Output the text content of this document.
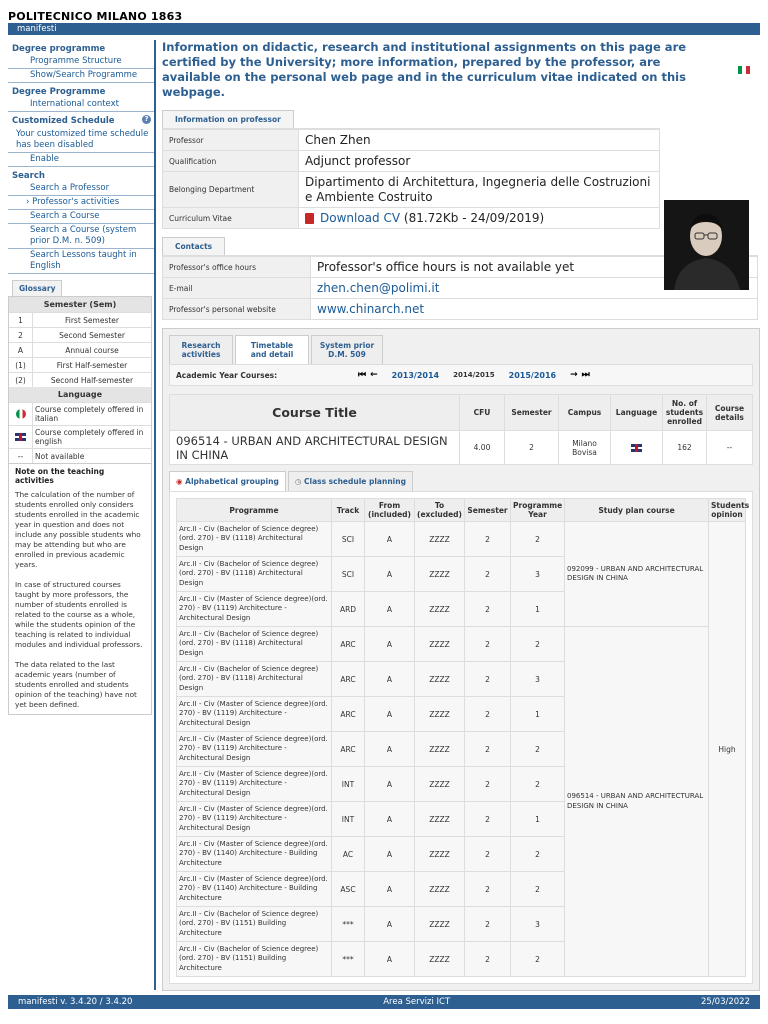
POLITECNICO MILANO 1863
manifesti
Degree programme
Programme Structure
Show/Search Programme
Degree Programme
International context
Customized Schedule	?
Your customized time schedule has been disabled
Enable
Search
Search a Professor
› Professor's activities
Search a Course
Search a Course (system prior D.M. n. 509)
Search Lessons taught in English
Glossary
Semester (Sem)
1	First Semester
2	Second Semester
A	Annual course
(1)	First Half-semester
(2)	Second Half-semester
Language
Course completely offered in italian
Course completely offered in english
--	Not available
Note on the teaching activities
The calculation of the number of students enrolled only considers students enrolled in the academic year in question and does not include any possible students who may be attending but who are enrolled in previous academic years.
In case of structured courses taught by more professors, the number of students enrolled is related to the course as a whole, while the students opinion of the teaching is related to individual modules and individual professors.
The data related to the last academic years (number of students enrolled and students opinion of the teaching) have not yet been defined.
Information on didactic, research and institutional assignments on this page are certified by the University; more information, prepared by the professor, are available on the personal web page and in the curriculum vitae indicated on this webpage.
Information on professor
Professor	Chen Zhen
Qualification	Adjunct professor
Belonging Department
Dipartimento di Architettura, Ingegneria delle Costruzioni e Ambiente Costruito
Curriculum Vitae	Download CV
(81.72Kb - 24/09/2019)
Contacts
Professor's office hours	Professor's office hours is not available yet
E-mail	zhen.chen@polimi.it
Professor's personal website	www.chinarch.net
Research activities
Timetable and detail
System prior D.M. 509
Academic Year Courses:	⏮ ← 2013/2014 2014/2015 2015/2016 → ⏭
Course Title	CFU	Semester	Campus	Language	No. of students enrolled	Course details
096514 - URBAN AND ARCHITECTURAL DESIGN IN CHINA	4.00	2	Milano Bovisa		162	--
◉ Alphabetical grouping	◷ Class schedule planning
Programme	Track	From (included)	To (excluded)	Semester	Programme Year	Study plan course	Students opinion
Arc.II - Civ (Bachelor of Science degree)(ord. 270) - BV (1118) Architectural Design	SCI	A	ZZZZ	2	2	092099 - URBAN AND ARCHITECTURAL DESIGN IN CHINA	High
Arc.II - Civ (Bachelor of Science degree)(ord. 270) - BV (1118) Architectural Design	SCI	A	ZZZZ	2	3		
Arc.II - Civ (Master of Science degree)(ord. 270) - BV (1119) Architecture - Architectural Design	ARD	A	ZZZZ	2	1		
Arc.II - Civ (Bachelor of Science degree)(ord. 270) - BV (1118) Architectural Design	ARC	A	ZZZZ	2	2	096514 - URBAN AND ARCHITECTURAL DESIGN IN CHINA	
Arc.II - Civ (Bachelor of Science degree)(ord. 270) - BV (1118) Architectural Design	ARC	A	ZZZZ	2	3		
Arc.II - Civ (Master of Science degree)(ord. 270) - BV (1119) Architecture - Architectural Design	ARC	A	ZZZZ	2	1		
Arc.II - Civ (Master of Science degree)(ord. 270) - BV (1119) Architecture - Architectural Design	ARC	A	ZZZZ	2	2		
Arc.II - Civ (Master of Science degree)(ord. 270) - BV (1119) Architecture - Architectural Design	INT	A	ZZZZ	2	2		
Arc.II - Civ (Master of Science degree)(ord. 270) - BV (1119) Architecture - Architectural Design	INT	A	ZZZZ	2	1		
Arc.II - Civ (Master of Science degree)(ord. 270) - BV (1140) Architecture - Building Architecture	AC	A	ZZZZ	2	2		
Arc.II - Civ (Master of Science degree)(ord. 270) - BV (1140) Architecture - Building Architecture	ASC	A	ZZZZ	2	2		
Arc.II - Civ (Bachelor of Science degree)(ord. 270) - BV (1151) Building Architecture	***	A	ZZZZ	2	3		
Arc.II - Civ (Bachelor of Science degree)(ord. 270) - BV (1151) Building Architecture	***	A	ZZZZ	2	2		
manifesti v. 3.4.20 / 3.4.20	Area Servizi ICT	25/03/2022
